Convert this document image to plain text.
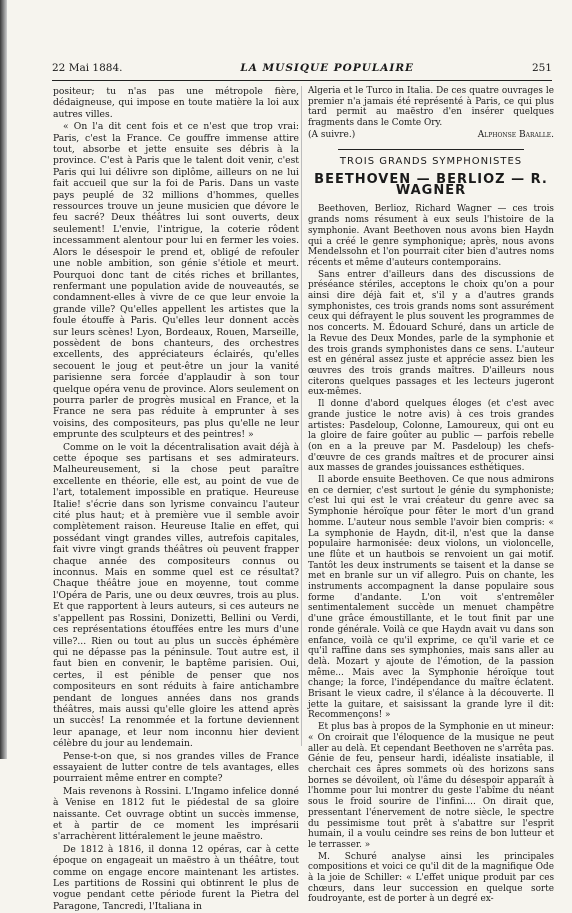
22 Mai 1884.	LA MUSIQUE POPULAIRE	251

positeur; tu n'as pas une métropole fière, dédaigneuse, qui impose en toute matière la loi aux autres villes.

« On l'a dit cent fois et ce n'est que trop vrai: Paris, c'est la France. Ce gouffre immense attire tout, absorbe et jette ensuite ses débris à la province. C'est à Paris que le talent doit venir, c'est Paris qui lui délivre son diplôme, ailleurs on ne lui fait accueil que sur la foi de Paris. Dans un vaste pays peuplé de 32 millions d'hommes, quelles ressources trouve un jeune musicien que dévore le feu sacré? Deux théâtres lui sont ouverts, deux seulement! L'envie, l'intrigue, la coterie rôdent incessamment alentour pour lui en fermer les voies. Alors le désespoir le prend et, obligé de refouler une noble ambition, son génie s'étiole et meurt. Pourquoi donc tant de cités riches et brillantes, renfermant une population avide de nouveautés, se condamnent-elles à vivre de ce que leur envoie la grande ville? Qu'elles appellent les artistes que la foule étouffe à Paris. Qu'elles leur donnent accès sur leurs scènes! Lyon, Bordeaux, Rouen, Marseille, possèdent de bons chanteurs, des orchestres excellents, des appréciateurs éclairés, qu'elles secouent le joug et peut-être un jour la vanité parisienne sera forcée d'applaudir à son tour quelque opéra venu de province. Alors seulement on pourra parler de progrès musical en France, et la France ne sera pas réduite à emprunter à ses voisins, des compositeurs, pas plus qu'elle ne leur emprunte des sculpteurs et des peintres! »

Comme on le voit la décentralisation avait déjà à cette époque ses partisans et ses admirateurs. Malheureusement, si la chose peut paraître excellente en théorie, elle est, au point de vue de l'art, totalement impossible en pratique. Heureuse Italie! s'écrie dans son lyrisme convaincu l'auteur cité plus haut; et à première vue il semble avoir complètement raison. Heureuse Italie en effet, qui possédant vingt grandes villes, autrefois capitales, fait vivre vingt grands théâtres où peuvent frapper chaque année des compositeurs connus ou inconnus. Mais en somme quel est ce résultat? Chaque théâtre joue en moyenne, tout comme l'Opéra de Paris, une ou deux œuvres, trois au plus. Et que rapportent à leurs auteurs, si ces auteurs ne s'appellent pas Rossini, Donizetti, Bellini ou Verdi, ces représentations étouffées entre les murs d'une ville?... Rien ou tout au plus un succès éphémère qui ne dépasse pas la péninsule. Tout autre est, il faut bien en convenir, le baptême parisien. Oui, certes, il est pénible de penser que nos compositeurs en sont réduits à faire antichambre pendant de longues années dans nos grands théâtres, mais aussi qu'elle gloire les attend après un succès! La renommée et la fortune deviennent leur apanage, et leur nom inconnu hier devient célèbre du jour au lendemain.

Pense-t-on que, si nos grandes villes de France essayaient de lutter contre de tels avantages, elles pourraient même entrer en compte?

Mais revenons à Rossini. L'Ingamo infelice donné à Venise en 1812 fut le piédestal de sa gloire naissante. Cet ouvrage obtint un succès immense, et à partir de ce moment les imprésarii s'arrachèrent littéralement le jeune maëstro.

De 1812 à 1816, il donna 12 opéras, car à cette époque on engageait un maëstro à un théâtre, tout comme on engage encore maintenant les artistes. Les partitions de Rossini qui obtinrent le plus de vogue pendant cette période furent la Pietra del Paragone, Tancredi, l'Italiana in

Algeria et le Turco in Italia. De ces quatre ouvrages le premier n'a jamais été représenté à Paris, ce qui plus tard permit au maëstro d'en insérer quelques fragments dans le Comte Ory.

(A suivre.)	Alphonse Baralle.
TROIS GRANDS SYMPHONISTES
BEETHOVEN — BERLIOZ — R. WAGNER

Beethoven, Berlioz, Richard Wagner — ces trois grands noms résument à eux seuls l'histoire de la symphonie. Avant Beethoven nous avons bien Haydn qui a créé le genre symphonique; après, nous avons Mendelssohn et l'on pourrait citer bien d'autres noms récents et même d'auteurs contemporains.

Sans entrer d'ailleurs dans des discussions de préséance stériles, acceptons le choix qu'on a pour ainsi dire déjà fait et, s'il y a d'autres grands symphonistes, ces trois grands noms sont assurément ceux qui défrayent le plus souvent les programmes de nos concerts. M. Édouard Schuré, dans un article de la Revue des Deux Mondes, parle de la symphonie et des trois grands symphonistes dans ce sens. L'auteur est en général assez juste et apprécie assez bien les œuvres des trois grands maîtres. D'ailleurs nous citerons quelques passages et les lecteurs jugeront eux-mêmes.

Il donne d'abord quelques éloges (et c'est avec grande justice le notre avis) à ces trois grandes artistes: Pasdeloup, Colonne, Lamoureux, qui ont eu la gloire de faire goûter au public — parfois rebelle (on en a la preuve par M. Pasdeloup) les chefs-d'œuvre de ces grands maîtres et de procurer ainsi aux masses de grandes jouissances esthétiques.

Il aborde ensuite Beethoven. Ce que nous admirons en ce dernier, c'est surtout le génie du symphoniste; c'est lui qui est le vrai créateur du genre avec sa Symphonie héroïque pour fêter le mort d'un grand homme. L'auteur nous semble l'avoir bien compris: « La symphonie de Haydn, dit-il, n'est que la danse populaire harmonisée: deux violons, un violoncelle, une flûte et un hautbois se renvoient un gai motif. Tantôt les deux instruments se taisent et la danse se met en branle sur un vif allegro. Puis on chante, les instruments accompagnent la danse populaire sous forme d'andante. L'on voit s'entremêler sentimentalement succède un menuet champêtre d'une grâce émoustillante, et le tout finit par une ronde générale. Voilà ce que Haydn avait vu dans son enfance, voilà ce qu'il exprime, ce qu'il varie et ce qu'il raffine dans ses symphonies, mais sans aller au delà. Mozart y ajoute de l'émotion, de la passion même... Mais avec la Symphonie héroïque tout change; la force, l'indépendance du maître éclatent. Brisant le vieux cadre, il s'élance à la découverte. Il jette la guitare, et saisissant la grande lyre il dit: Recommençons! »

Et plus bas à propos de la Symphonie en ut mineur: « On croirait que l'éloquence de la musique ne peut aller au delà. Et cependant Beethoven ne s'arrêta pas. Génie de feu, penseur hardi, idéaliste insatiable, il cherchait ces âpres sommets où des horizons sans bornes se dévoilent, où l'âme du désespoir apparaît à l'homme pour lui montrer du geste l'abîme du néant sous le froid sourire de l'infini.... On dirait que, pressentant l'énervement de notre siècle, le spectre du pessimisme tout prêt à s'abattre sur l'esprit humain, il a voulu ceindre ses reins de bon lutteur et le terrasser. »

M. Schuré analyse ainsi les principales compositions et voici ce qu'il dit de la magnifique Ode à la joie de Schiller: « L'effet unique produit par ces chœurs, dans leur succession en quelque sorte foudroyante, est de porter à un degré ex-
